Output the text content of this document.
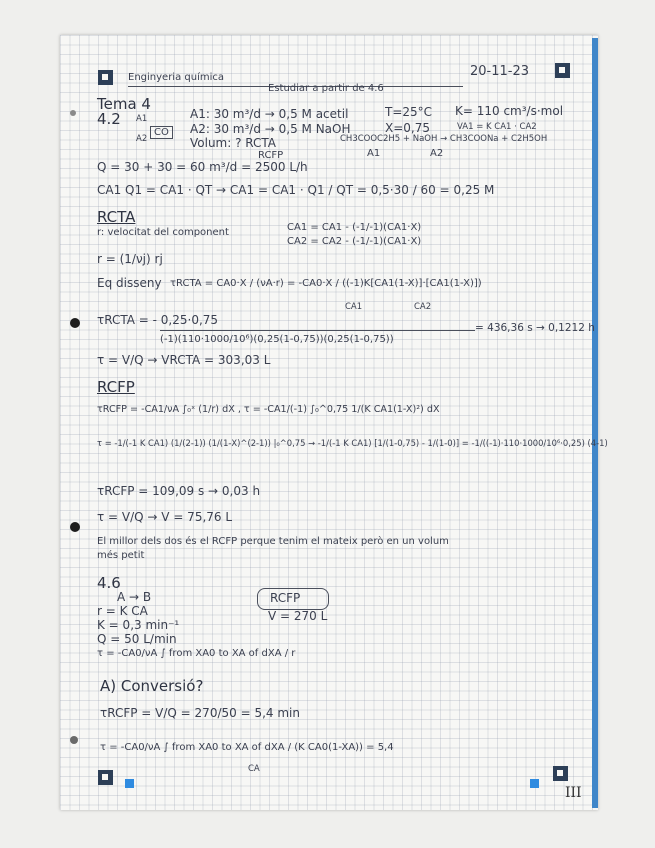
Enginyeria química
Estudiar a partir de 4.6
20-11-23
Tema 4
4.2 A1
A2
CO
A1: 30 m³/d → 0,5 M acetil
A2: 30 m³/d → 0,5 M NaOH
T=25°C
X=0,75
K= 110 cm³/s·mol
VA1 = K CA1 · CA2
Volum: ? RCTA
RCFP
CH3COOC2H5 + NaOH → CH3COONa + C2H5OH
A1	A2
Q = 30 + 30 = 60 m³/d = 2500 L/h
CA1 Q1 = CA1 · QT → CA1 = CA1 · Q1 / QT = 0,5·30 / 60 = 0,25 M
RCTA
r: velocitat del component	CA1 = CA1 - (-1/-1)(CA1·X)
CA2 = CA2 - (-1/-1)(CA1·X)
r = (1/νj) rj
Eq disseny τRCTA = CA0·X / (νA·r) = -CA0·X / ((-1)K[CA1(1-X)]·[CA1(1-X)])
CA1	CA2
τRCTA = - 0,25·0,75
(-1)(110·1000/10⁶)(0,25(1-0,75))(0,25(1-0,75))
= 436,36 s → 0,1212 h
τ = V/Q → VRCTA = 303,03 L
RCFP
τRCFP = -CA1/νA ∫₀ˣ (1/r) dX , τ = -CA1/(-1) ∫₀^0,75 1/(K CA1(1-X)²) dX
τ = -1/(-1 K CA1) (1/(2-1)) (1/(1-X)^(2-1)) |₀^0,75 → -1/(-1 K CA1) [1/(1-0,75) - 1/(1-0)] = -1/((-1)·110·1000/10⁶·0,25) (4-1)
τRCFP = 109,09 s → 0,03 h
τ = V/Q → V = 75,76 L
El millor dels dos és el RCFP perque tenim el mateix però en un volum
més petit
4.6
A → B
r = K CA
K = 0,3 min⁻¹
Q = 50 L/min
τ = -CA0/νA ∫ from XA0 to XA of dXA / r
RCFP
V = 270 L
A) Conversió?
τRCFP = V/Q = 270/50 = 5,4 min
τ = -CA0/νA ∫ from XA0 to XA of dXA / (K CA0(1-XA)) = 5,4
CA
III
